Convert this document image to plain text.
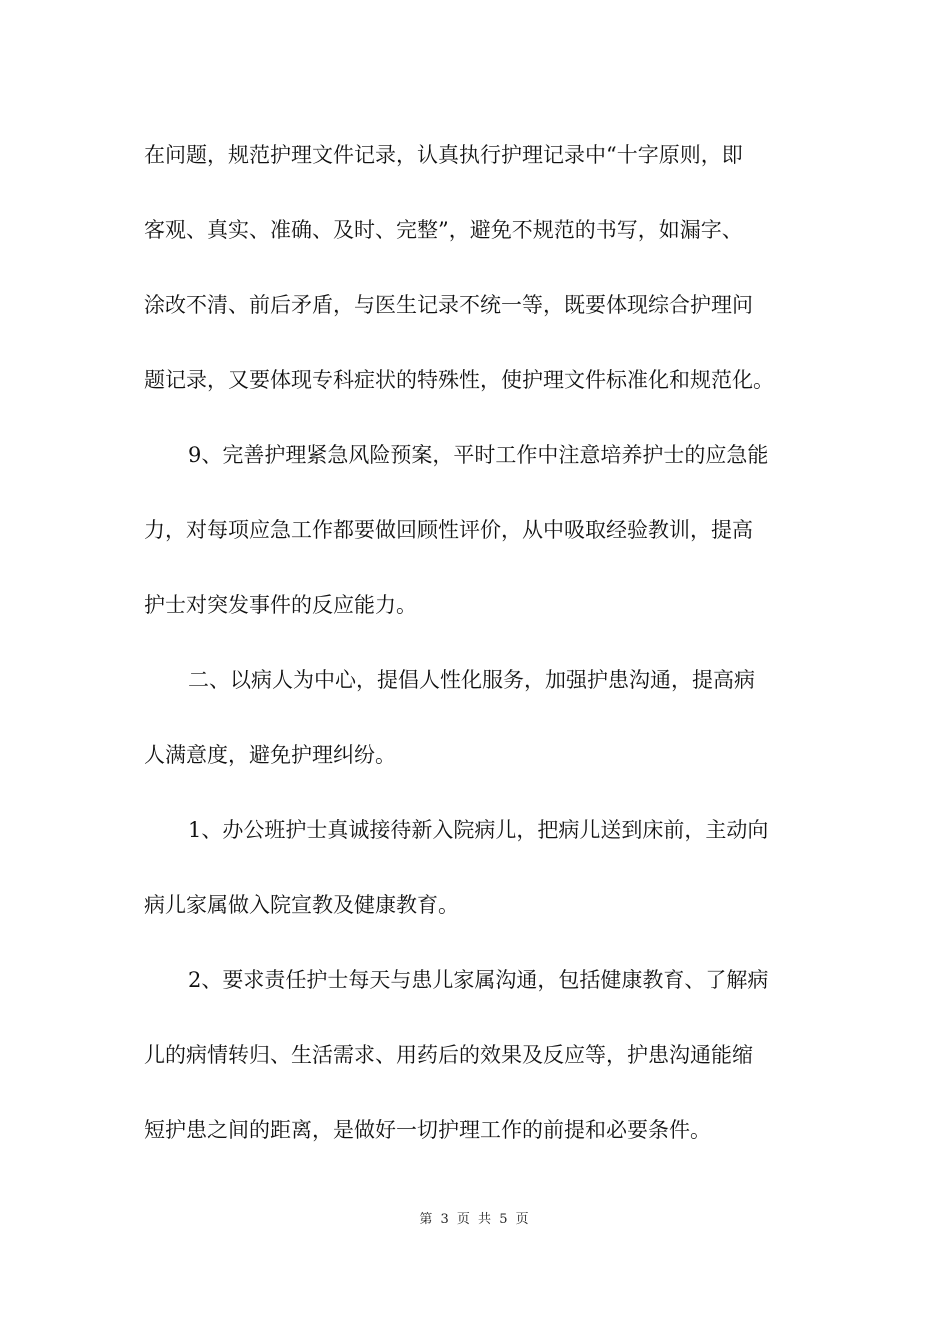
在问题，规范护理文件记录，认真执行护理记录中“十字原则，即
客观、真实、准确、及时、完整”，避免不规范的书写，如漏字、
涂改不清、前后矛盾，与医生记录不统一等，既要体现综合护理问
题记录，又要体现专科症状的特殊性，使护理文件标准化和规范化。
9、完善护理紧急风险预案，平时工作中注意培养护士的应急能
力，对每项应急工作都要做回顾性评价，从中吸取经验教训，提高
护士对突发事件的反应能力。
二、以病人为中心，提倡人性化服务，加强护患沟通，提高病
人满意度，避免护理纠纷。
1、办公班护士真诚接待新入院病儿，把病儿送到床前，主动向
病儿家属做入院宣教及健康教育。
2、要求责任护士每天与患儿家属沟通，包括健康教育、了解病
儿的病情转归、生活需求、用药后的效果及反应等，护患沟通能缩
短护患之间的距离，是做好一切护理工作的前提和必要条件。
第 3 页 共 5 页
